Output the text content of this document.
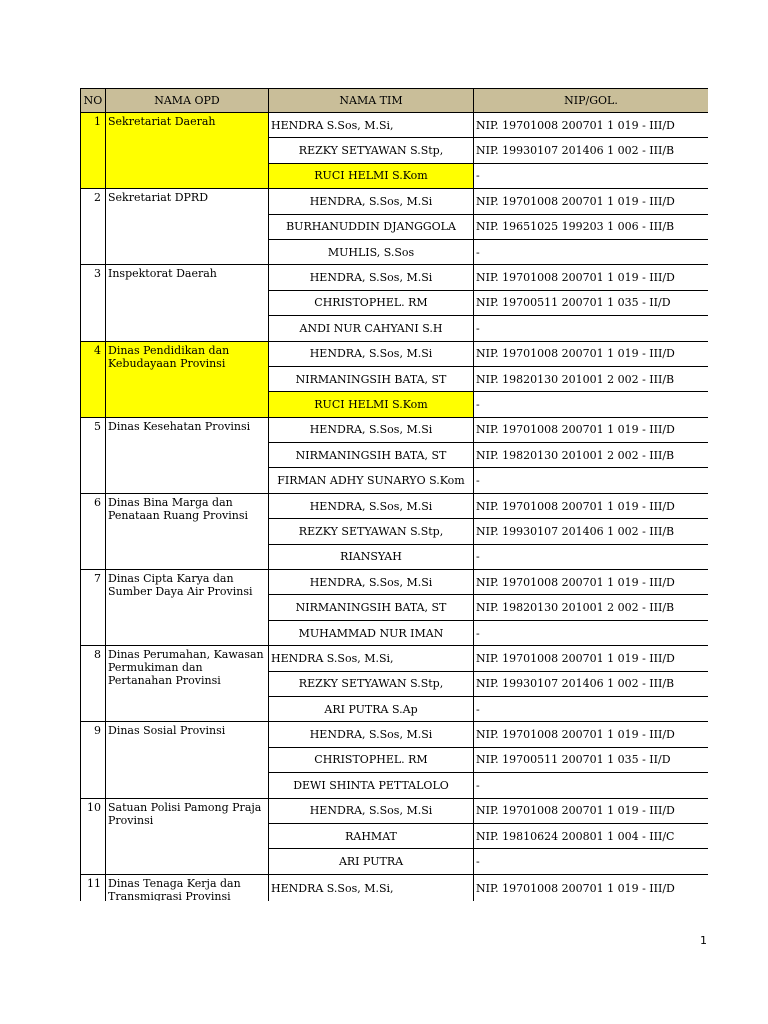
NO	NAMA OPD	NAMA TIM	NIP/GOL.
1	Sekretariat Daerah	HENDRA S.Sos, M.Si,	NIP. 19701008 200701 1 019 - III/D
		REZKY SETYAWAN S.Stp,	NIP. 19930107 201406 1 002 - III/B
		RUCI HELMI S.Kom	-
2	Sekretariat DPRD	HENDRA, S.Sos, M.Si	NIP. 19701008 200701 1 019 - III/D
		BURHANUDDIN DJANGGOLA	NIP. 19651025 199203 1 006 - III/B
		MUHLIS, S.Sos	-
3	Inspektorat Daerah	HENDRA, S.Sos, M.Si	NIP. 19701008 200701 1 019 - III/D
		CHRISTOPHEL. RM	NIP. 19700511 200701 1 035 - II/D
		ANDI NUR CAHYANI S.H	-
4	Dinas Pendidikan dan Kebudayaan Provinsi	HENDRA, S.Sos, M.Si	NIP. 19701008 200701 1 019 - III/D
		NIRMANINGSIH BATA, ST	NIP. 19820130 201001 2 002 - III/B
		RUCI HELMI S.Kom	-
5	Dinas Kesehatan Provinsi	HENDRA, S.Sos, M.Si	NIP. 19701008 200701 1 019 - III/D
		NIRMANINGSIH BATA, ST	NIP. 19820130 201001 2 002 - III/B
		FIRMAN ADHY SUNARYO S.Kom	-
6	Dinas Bina Marga dan Penataan Ruang Provinsi	HENDRA, S.Sos, M.Si	NIP. 19701008 200701 1 019 - III/D
		REZKY SETYAWAN S.Stp,	NIP. 19930107 201406 1 002 - III/B
		RIANSYAH	-
7	Dinas Cipta Karya dan Sumber Daya Air Provinsi	HENDRA, S.Sos, M.Si	NIP. 19701008 200701 1 019 - III/D
		NIRMANINGSIH BATA, ST	NIP. 19820130 201001 2 002 - III/B
		MUHAMMAD NUR IMAN	-
8	Dinas Perumahan, Kawasan Permukiman dan Pertanahan Provinsi	HENDRA S.Sos, M.Si,	NIP. 19701008 200701 1 019 - III/D
		REZKY SETYAWAN S.Stp,	NIP. 19930107 201406 1 002 - III/B
		ARI PUTRA S.Ap	-
9	Dinas Sosial Provinsi	HENDRA, S.Sos, M.Si	NIP. 19701008 200701 1 019 - III/D
		CHRISTOPHEL. RM	NIP. 19700511 200701 1 035 - II/D
		DEWI SHINTA PETTALOLO	-
10	Satuan Polisi Pamong Praja Provinsi	HENDRA, S.Sos, M.Si	NIP. 19701008 200701 1 019 - III/D
		RAHMAT	NIP. 19810624 200801 1 004 - III/C
		ARI PUTRA	-
11	Dinas Tenaga Kerja dan Transmigrasi Provinsi	HENDRA S.Sos, M.Si,	NIP. 19701008 200701 1 019 - III/D
1
